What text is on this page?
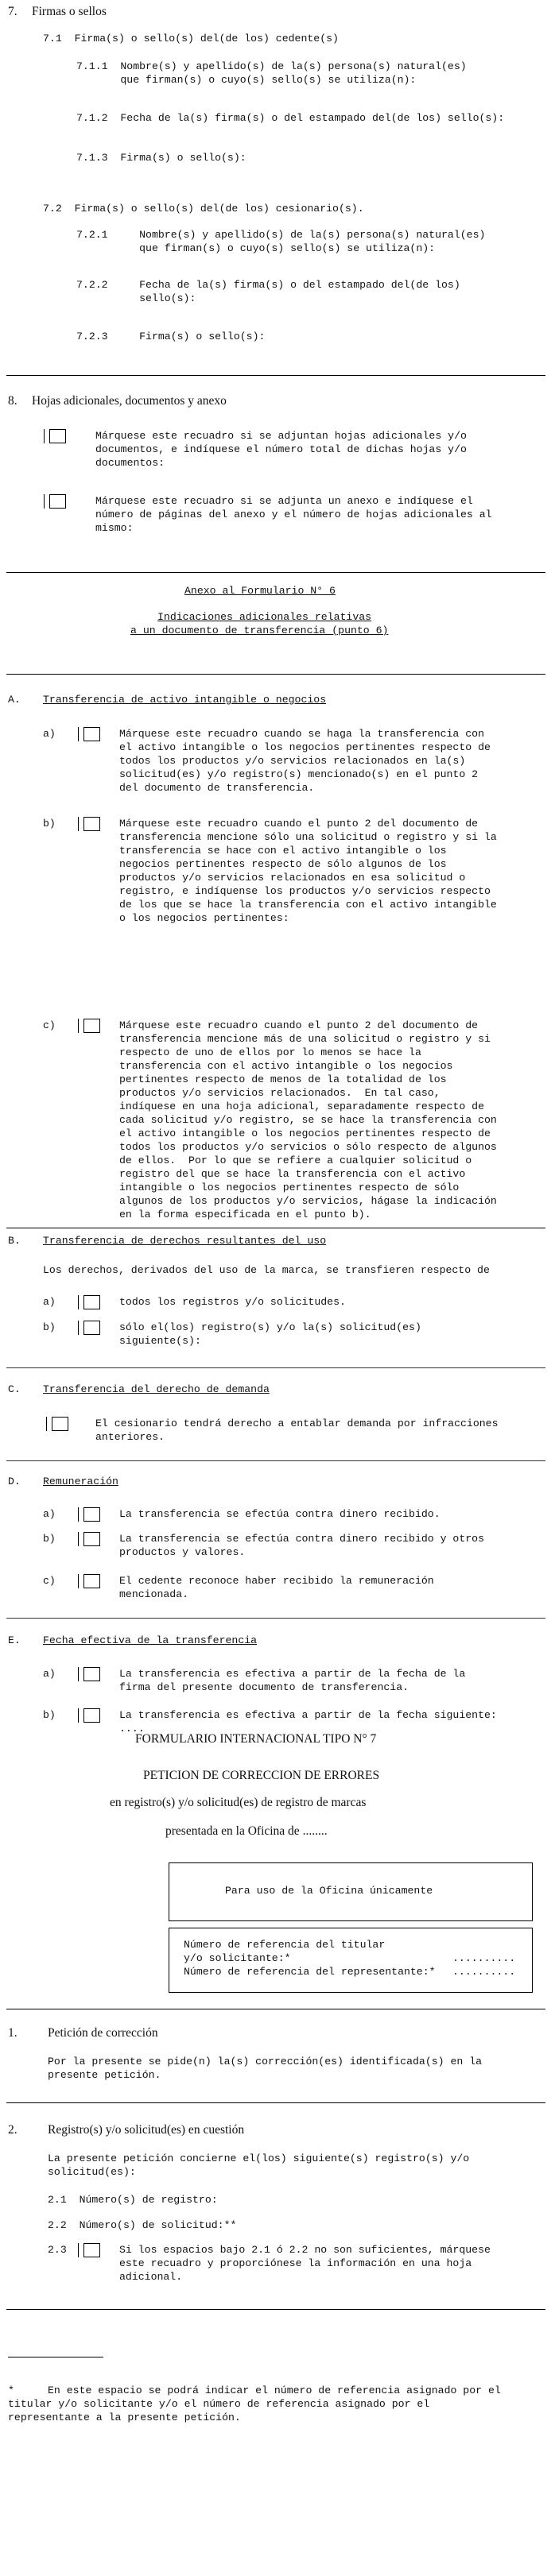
7. Firmas o sellos
7.1  Firma(s) o sello(s) del(de los) cedente(s)
7.1.1  Nombre(s) y apellido(s) de la(s) persona(s) natural(es)
que firman(s) o cuyo(s) sello(s) se utiliza(n):
7.1.2  Fecha de la(s) firma(s) o del estampado del(de los) sello(s):
7.1.3  Firma(s) o sello(s):
7.2  Firma(s) o sello(s) del(de los) cesionario(s).
7.2.1     Nombre(s) y apellido(s) de la(s) persona(s) natural(es)
que firman(s) o cuyo(s) sello(s) se utiliza(n):
7.2.2     Fecha de la(s) firma(s) o del estampado del(de los)
sello(s):
7.2.3     Firma(s) o sello(s):
8. Hojas adicionales, documentos y anexo
Márquese este recuadro si se adjuntan hojas adicionales y/o
documentos, e indíquese el número total de dichas hojas y/o
documentos:
Márquese este recuadro si se adjunta un anexo e indíquese el
número de páginas del anexo y el número de hojas adicionales al
mismo:
Anexo al Formulario N° 6
Indicaciones adicionales relativas
a un documento de transferencia (punto 6)
A. Transferencia de activo intangible o negocios
a)	Márquese este recuadro cuando se haga la transferencia con
el activo intangible o los negocios pertinentes respecto de
todos los productos y/o servicios relacionados en la(s)
solicitud(es) y/o registro(s) mencionado(s) en el punto 2
del documento de transferencia.
b)	Márquese este recuadro cuando el punto 2 del documento de
transferencia mencione sólo una solicitud o registro y si la
transferencia se hace con el activo intangible o los
negocios pertinentes respecto de sólo algunos de los
productos y/o servicios relacionados en esa solicitud o
registro, e indíquense los productos y/o servicios respecto
de los que se hace la transferencia con el activo intangible
o los negocios pertinentes:
c)	Márquese este recuadro cuando el punto 2 del documento de
transferencia mencione más de una solicitud o registro y si
respecto de uno de ellos por lo menos se hace la
transferencia con el activo intangible o los negocios
pertinentes respecto de menos de la totalidad de los
productos y/o servicios relacionados.  En tal caso,
indíquese en una hoja adicional, separadamente respecto de
cada solicitud y/o registro, se se hace la transferencia con
el activo intangible o los negocios pertinentes respecto de
todos los productos y/o servicios o sólo respecto de algunos
de ellos.  Por lo que se refiere a cualquier solicitud o
registro del que se hace la transferencia con el activo
intangible o los negocios pertinentes respecto de sólo
algunos de los productos y/o servicios, hágase la indicación
en la forma especificada en el punto b).
B. Transferencia de derechos resultantes del uso
Los derechos, derivados del uso de la marca, se transfieren respecto de
a)	todos los registros y/o solicitudes.
b)	sólo el(los) registro(s) y/o la(s) solicitud(es)
siguiente(s):
C. Transferencia del derecho de demanda
El cesionario tendrá derecho a entablar demanda por infracciones
anteriores.
D. Remuneración
a)	La transferencia se efectúa contra dinero recibido.
b)	La transferencia se efectúa contra dinero recibido y otros
productos y valores.
c)	El cedente reconoce haber recibido la remuneración
mencionada.
E. Fecha efectiva de la transferencia
a)	La transferencia es efectiva a partir de la fecha de la
firma del presente documento de transferencia.
b)	La transferencia es efectiva a partir de la fecha siguiente:
....
FORMULARIO INTERNACIONAL TIPO N° 7
PETICION DE CORRECCION DE ERRORES
en registro(s) y/o solicitud(es) de registro de marcas
presentada en la Oficina de ........
Para uso de la Oficina únicamente
Número de referencia del titular
y/o solicitante:*	..........
Número de referencia del representante:* ..........
1. Petición de corrección
Por la presente se pide(n) la(s) corrección(es) identificada(s) en la
presente petición.
2. Registro(s) y/o solicitud(es) en cuestión
La presente petición concierne el(los) siguiente(s) registro(s) y/o
solicitud(es):
2.1  Número(s) de registro:
2.2  Número(s) de solicitud:**
2.3	Si los espacios bajo 2.1 ó 2.2 no son suficientes, márquese
este recuadro y proporciónese la información en una hoja
adicional.
*	En este espacio se podrá indicar el número de referencia asignado por el
titular y/o solicitante y/o el número de referencia asignado por el
representante a la presente petición.
